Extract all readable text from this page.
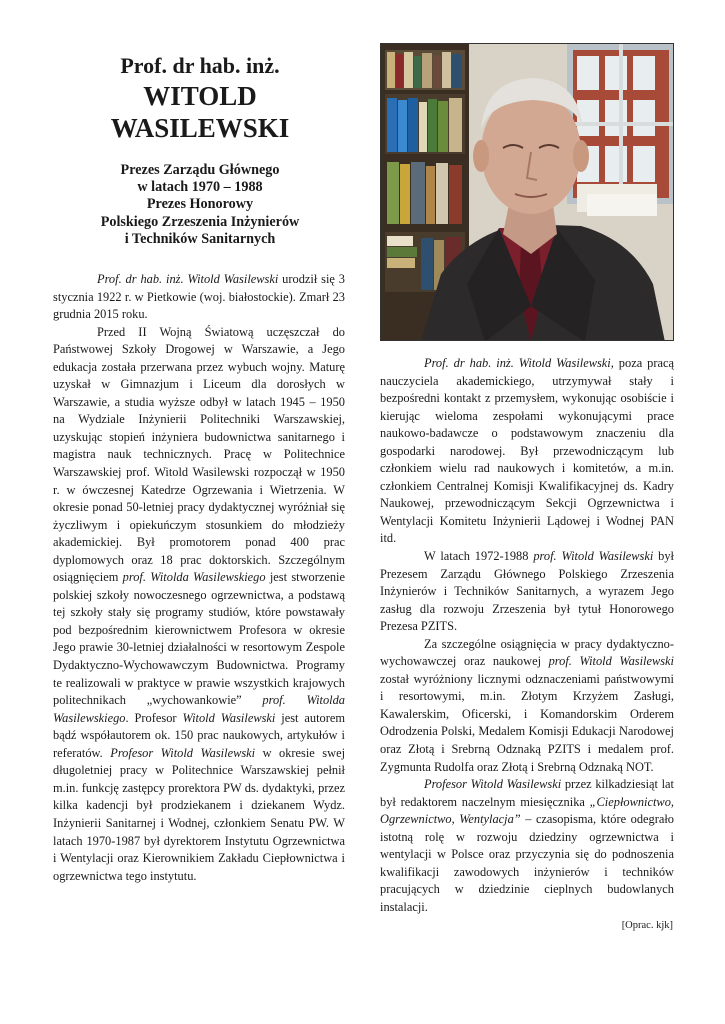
Prof. dr hab. inż.
WITOLD
WASILEWSKI
Prezes Zarządu Głównego
w latach 1970 – 1988
Prezes Honorowy
Polskiego Zrzeszenia Inżynierów
i Techników Sanitarnych

Prof. dr hab. inż. Witold Wasilewski urodził się 3 stycznia 1922 r. w Pietkowie (woj. białostockie). Zmarł 23 grudnia 2015 roku.

Przed II Wojną Światową uczęszczał do Państwowej Szkoły Drogowej w Warszawie, a Jego edukacja została przerwana przez wybuch wojny. Maturę uzyskał w Gimnazjum i Liceum dla dorosłych w Warszawie, a studia wyższe odbył w latach 1945 – 1950 na Wydziale Inżynierii Politechniki Warszawskiej, uzyskując stopień inżyniera budownictwa sanitarnego i magistra nauk technicznych. Pracę w Politechnice Warszawskiej prof. Witold Wasilewski rozpoczął w 1950 r. w ówczesnej Katedrze Ogrzewania i Wietrzenia. W okresie ponad 50-letniej pracy dydaktycznej wyróżniał się życzliwym i opiekuńczym stosunkiem do młodzieży akademickiej. Był promotorem ponad 400 prac dyplomowych oraz 18 prac doktorskich. Szczególnym osiągnięciem prof. Witolda Wasilewskiego jest stworzenie polskiej szkoły nowoczesnego ogrzewnictwa, a podstawą tej szkoły stały się programy studiów, które powstawały pod bezpośrednim kierownictwem Profesora w okresie Jego prawie 30-letniej działalności w resortowym Zespole Dydaktyczno-Wychowawczym Budownictwa. Programy te realizowali w praktyce w prawie wszystkich krajowych politechnikach „wychowankowie” prof. Witolda Wasilewskiego. Profesor Witold Wasilewski jest autorem bądź współautorem ok. 150 prac naukowych, artykułów i referatów. Profesor Witold Wasilewski w okresie swej długoletniej pracy w Politechnice Warszawskiej pełnił m.in. funkcję zastępcy prorektora PW ds. dydaktyki, przez kilka kadencji był prodziekanem i dziekanem Wydz. Inżynierii Sanitarnej i Wodnej, członkiem Senatu PW. W latach 1970-1987 był dyrektorem Instytutu Ogrzewnictwa i Wentylacji oraz Kierownikiem Zakładu Ciepłownictwa i ogrzewnictwa tego instytutu.

Prof. dr hab. inż. Witold Wasilewski, poza pracą nauczyciela akademickiego, utrzymywał stały i bezpośredni kontakt z przemysłem, wykonując osobiście i kierując wieloma zespołami wykonującymi prace naukowo-badawcze o podstawowym znaczeniu dla gospodarki narodowej. Był przewodniczącym lub członkiem wielu rad naukowych i komitetów, a m.in. członkiem Centralnej Komisji Kwalifikacyjnej ds. Kadry Naukowej, przewodniczącym Sekcji Ogrzewnictwa i Wentylacji Komitetu Inżynierii Lądowej i Wodnej PAN itd.

W latach 1972-1988 prof. Witold Wasilewski był Prezesem Zarządu Głównego Polskiego Zrzeszenia Inżynierów i Techników Sanitarnych, a wyrazem Jego zasług dla rozwoju Zrzeszenia był tytuł Honorowego Prezesa PZITS.

Za szczególne osiągnięcia w pracy dydaktyczno-wychowawczej oraz naukowej prof. Witold Wasilewski został wyróżniony licznymi odznaczeniami państwowymi i resortowymi, m.in. Złotym Krzyżem Zasługi, Kawalerskim, Oficerski, i Komandorskim Orderem Odrodzenia Polski, Medalem Komisji Edukacji Narodowej oraz Złotą i Srebrną Odznaką PZITS i medalem prof. Zygmunta Rudolfa oraz Złotą i Srebrną Odznaką NOT.

Profesor Witold Wasilewski przez kilkadziesiąt lat był redaktorem naczelnym miesięcznika „Ciepłownictwo, Ogrzewnictwo, Wentylacja” – czasopisma, które odegrało istotną rolę w rozwoju dziedziny ogrzewnictwa i wentylacji w Polsce oraz przyczynia się do podnoszenia kwalifikacji zawodowych inżynierów i techników pracujących w dziedzinie cieplnych budowlanych instalacji.

[Oprac. kjk]
